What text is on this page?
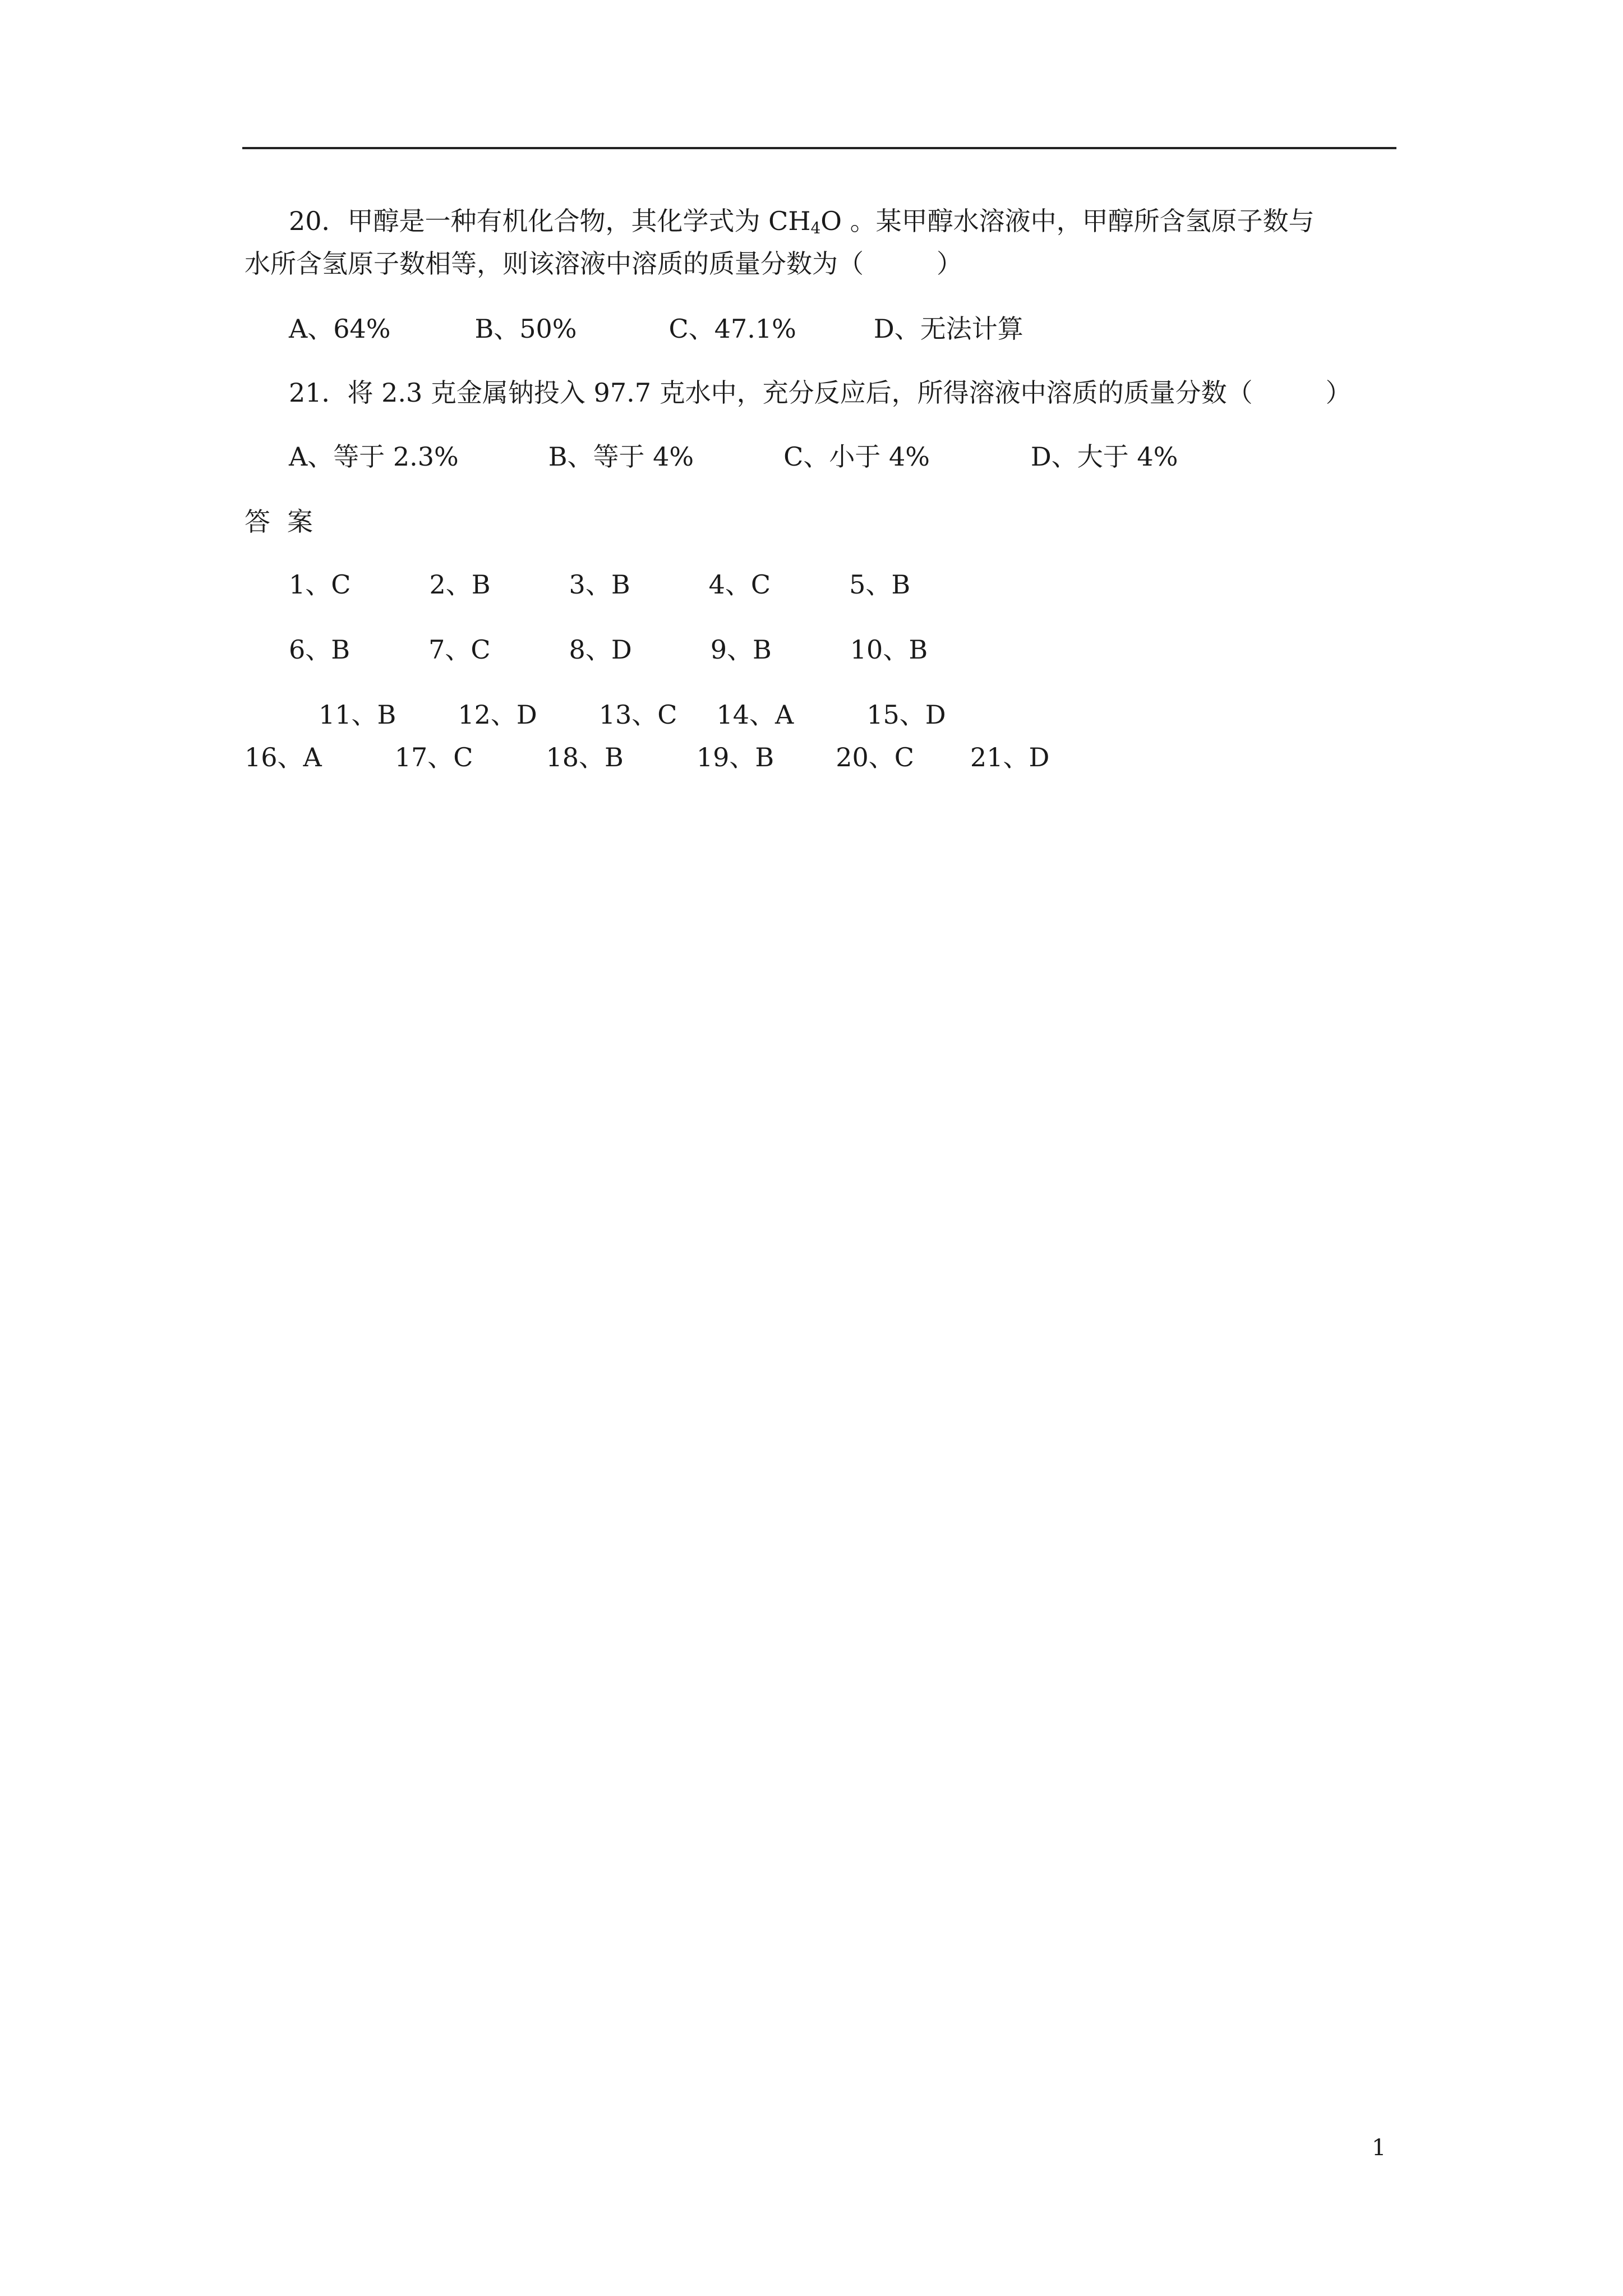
20．甲醇是一种有机化合物，其化学式为 $CH_4O$ 。某甲醇水溶液中，甲醇所含氢原子数与
水所含氢原子数相等，则该溶液中溶质的质量分数为（	）
A、64%	B、50%	C、47.1%	D、无法计算
21．将 2.3 克金属钠投入 97.7 克水中，充分反应后，所得溶液中溶质的质量分数（	）
A、等于 2.3%	B、等于 4%	C、小于 4%	D、大于 4%
答案
1、C	2、B	3、B	4、C	5、B
6、B	7、C	8、D	9、B	10、B
11、B 12、D 13、C 14、A	15、D
16、A	17、C	18、B	19、B 20、C 21、D
1
